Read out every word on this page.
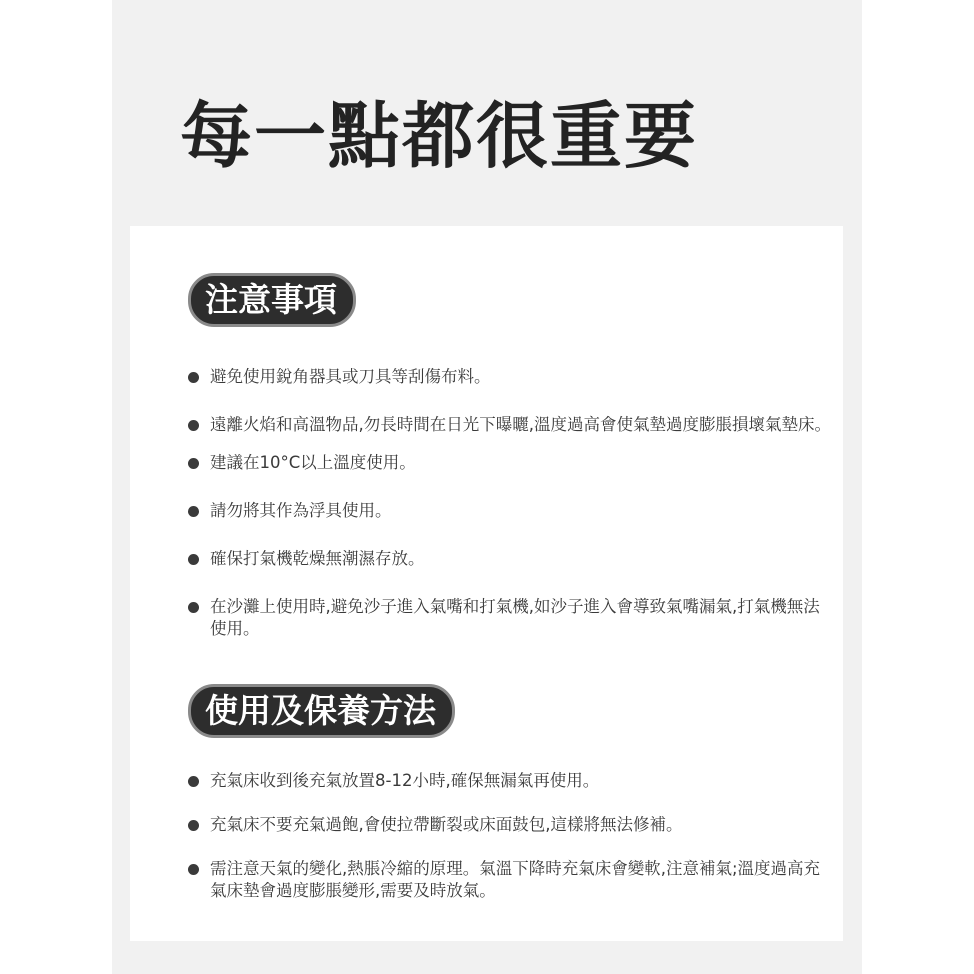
每一點都很重要
注意事項
避免使用銳角器具或刀具等刮傷布料。
遠離火焰和高溫物品,勿長時間在日光下曝曬,溫度過高會使氣墊過度膨脹損壞氣墊床。
建議在10°C以上溫度使用。
請勿將其作為浮具使用。
確保打氣機乾燥無潮濕存放。
在沙灘上使用時,避免沙子進入氣嘴和打氣機,如沙子進入會導致氣嘴漏氣,打氣機無法使用。
使用及保養方法
充氣床收到後充氣放置8-12小時,確保無漏氣再使用。
充氣床不要充氣過飽,會使拉帶斷裂或床面鼓包,這樣將無法修補。
需注意天氣的變化,熱脹冷縮的原理。氣溫下降時充氣床會變軟,注意補氣;溫度過高充氣床墊會過度膨脹變形,需要及時放氣。
